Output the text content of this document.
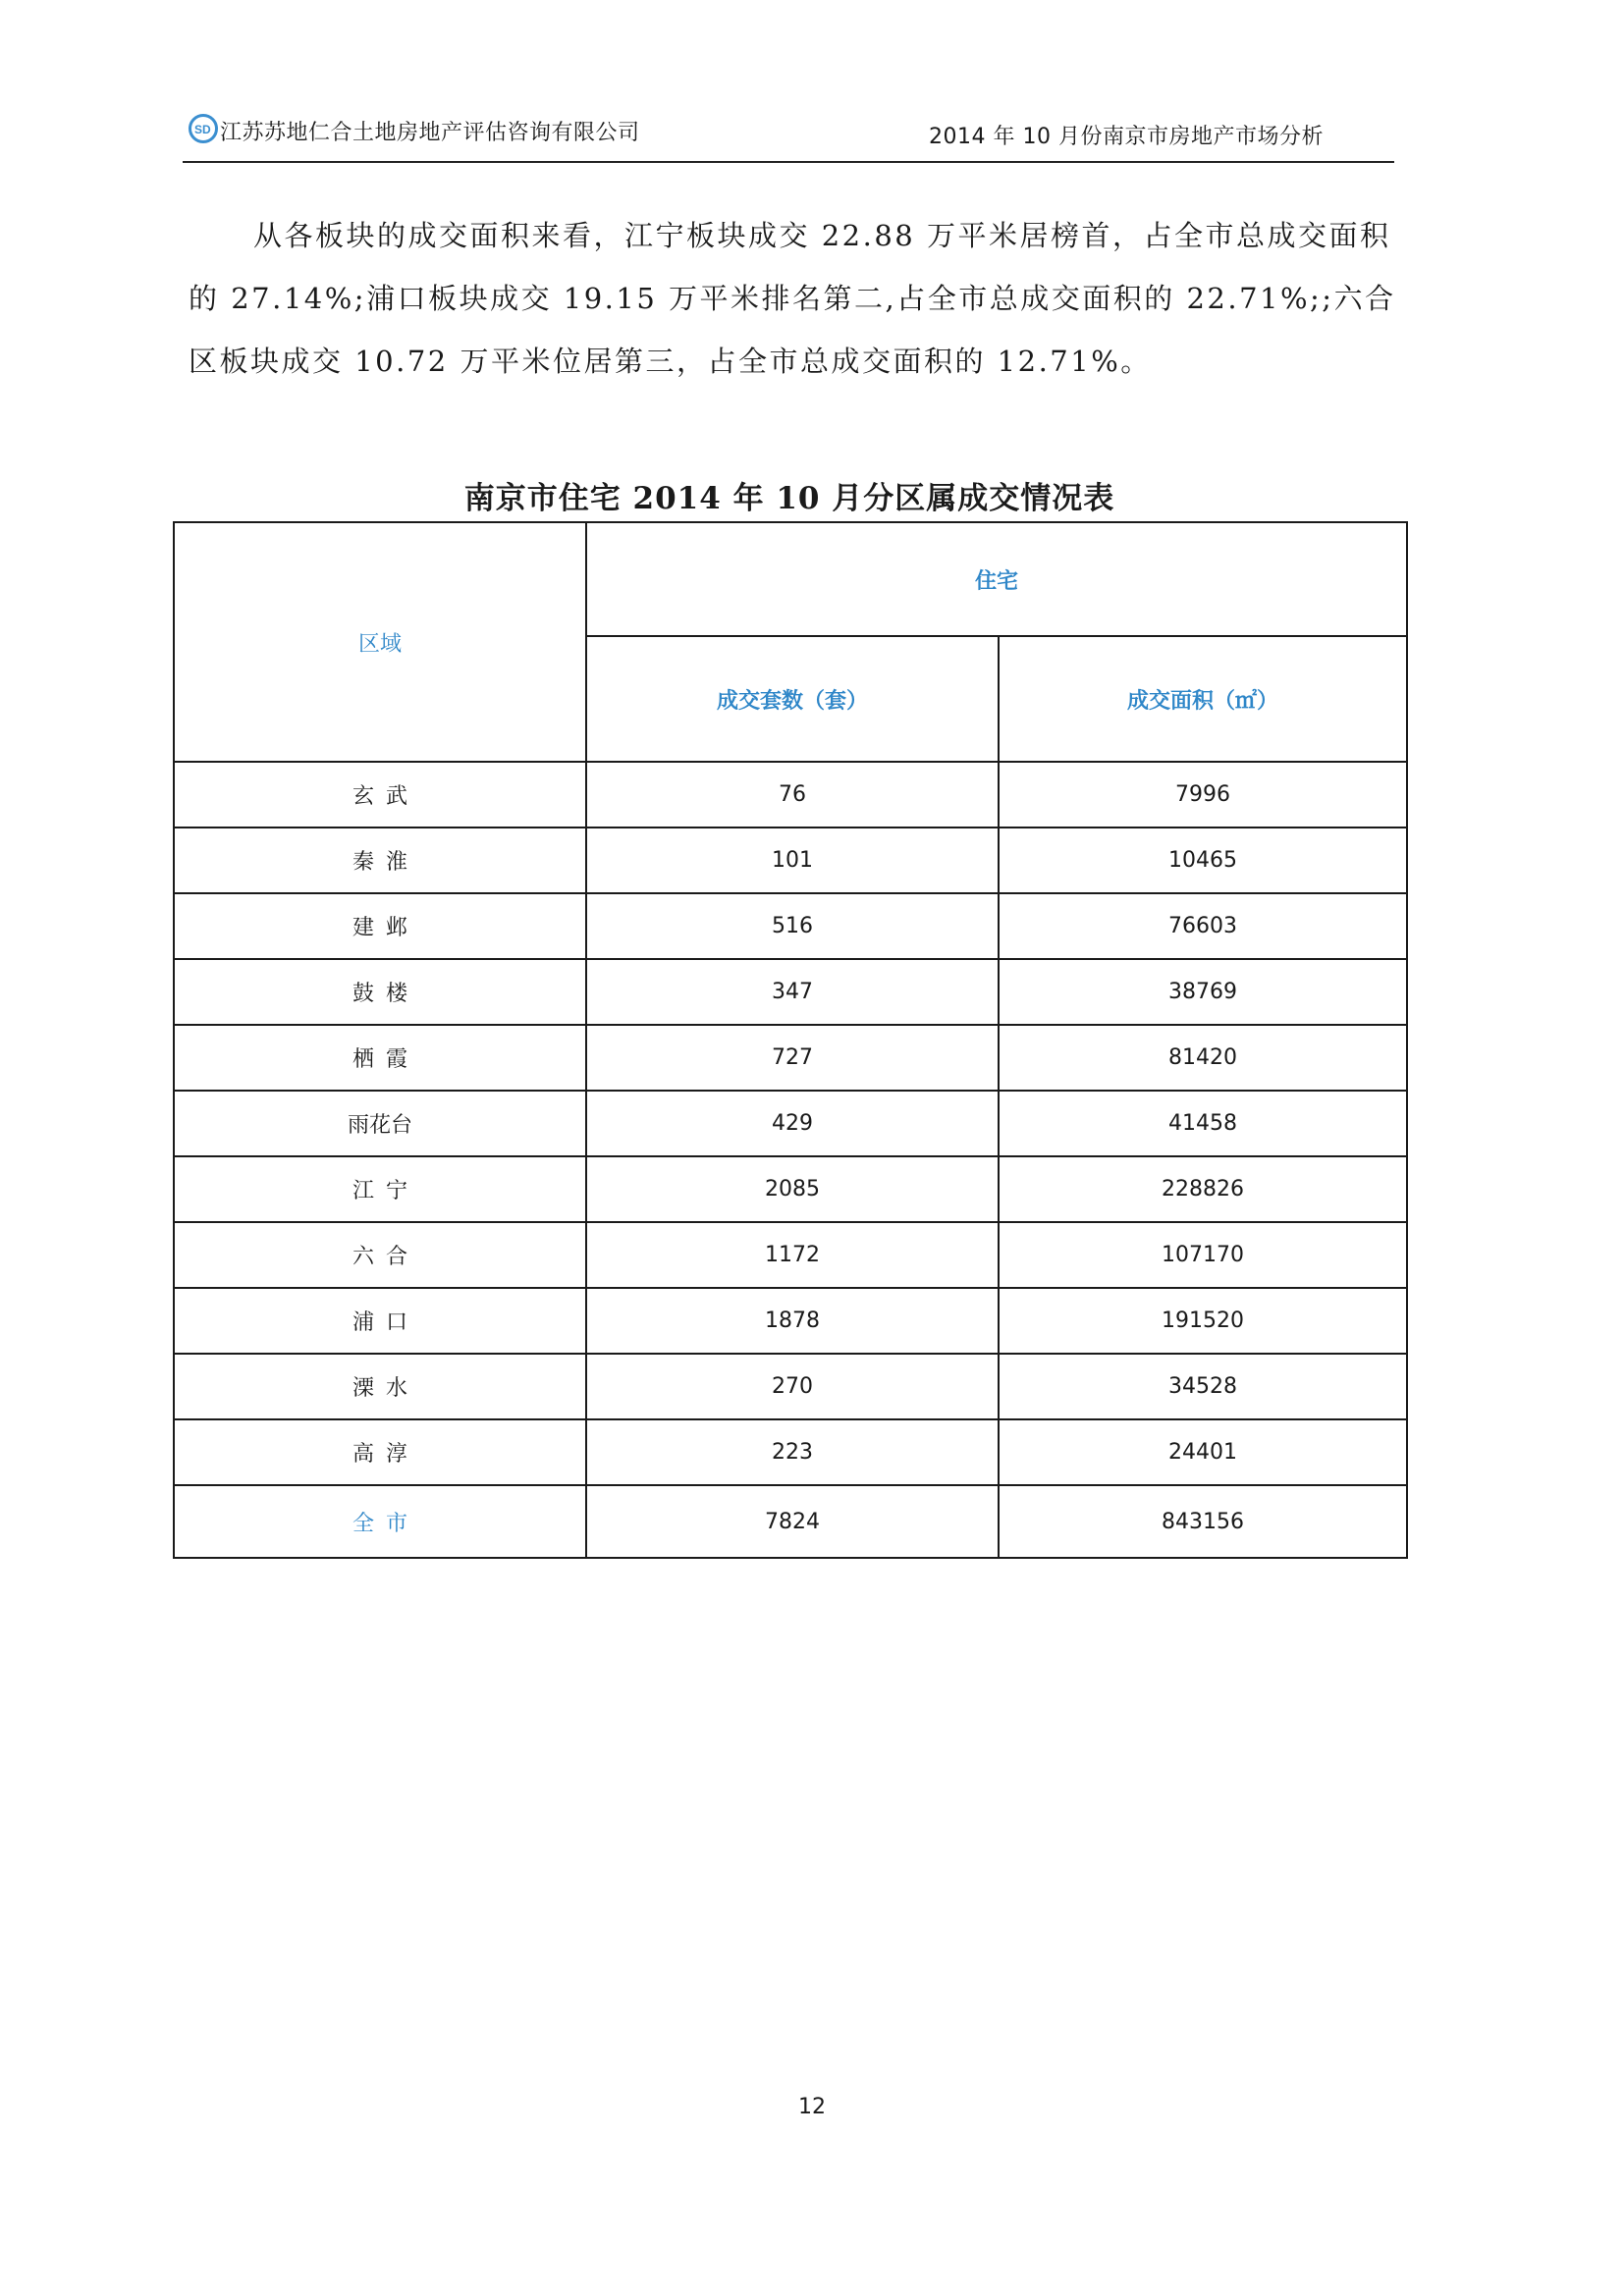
SD 江苏苏地仁合土地房地产评估咨询有限公司	2014 年 10 月份南京市房地产市场分析
从各板块的成交面积来看，江宁板块成交 22.88 万平米居榜首，占全市总成交面积的 27.14%;浦口板块成交 19.15 万平米排名第二,占全市总成交面积的 22.71%;;六合区板块成交 10.72 万平米位居第三，占全市总成交面积的 12.71%。
南京市住宅 2014 年 10 月分区属成交情况表
区域	住宅	
	成交套数（套）	成交面积（㎡）
玄武	76	7996
秦淮	101	10465
建邺	516	76603
鼓楼	347	38769
栖霞	727	81420
雨花台	429	41458
江宁	2085	228826
六合	1172	107170
浦口	1878	191520
溧水	270	34528
高淳	223	24401
全市	7824	843156
12
